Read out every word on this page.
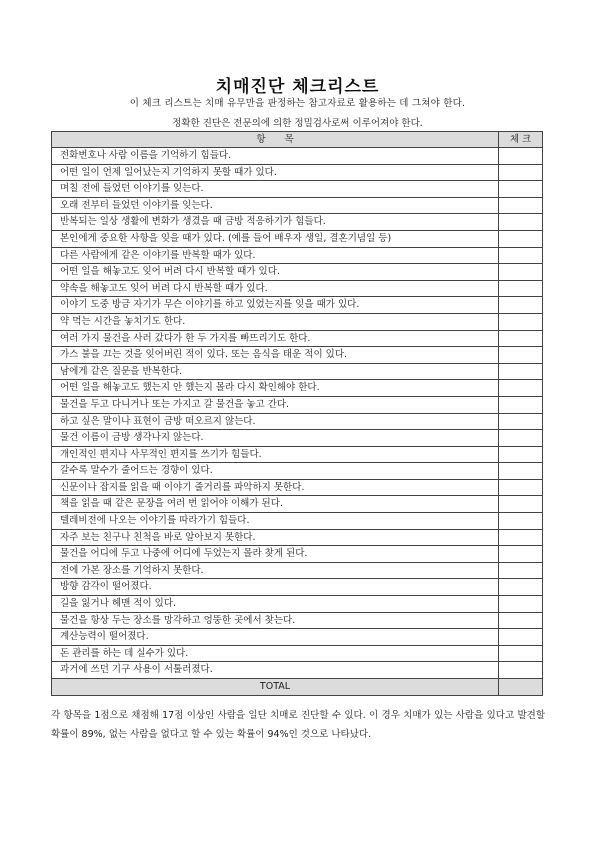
치매진단 체크리스트
이 체크 리스트는 치매 유무만을 판정하는 참고자료로 활용하는 데 그쳐야 한다.
정확한 진단은 전문의에 의한 정밀검사로써 이루어져야 한다.
항　　목	체 크
전화번호나 사람 이름을 기억하기 힘들다.	
어떤 일이 언제 일어났는지 기억하지 못할 때가 있다.	
며칠 전에 들었던 이야기를 잊는다.	
오래 전부터 들었던 이야기를 잊는다.	
반복되는 일상 생활에 변화가 생겼을 때 금방 적응하기가 힘들다.	
본인에게 중요한 사항을 잊을 때가 있다. (예를 들어 배우자 생일, 결혼기념일 등)	
다른 사람에게 같은 이야기를 반복할 때가 있다.	
어떤 일을 해놓고도 잊어 버려 다시 반복할 때가 있다.	
약속을 해놓고도 잊어 버려 다시 반복할 때가 있다.	
이야기 도중 방금 자기가 무슨 이야기를 하고 있었는지를 잊을 때가 있다.	
약 먹는 시간을 놓치기도 한다.	
여러 가지 물건을 사러 갔다가 한 두 가지를 빠뜨리기도 한다.	
가스 불을 끄는 것을 잊어버린 적이 있다. 또는 음식을 태운 적이 있다.	
남에게 같은 질문을 반복한다.	
어떤 일을 해놓고도 했는지 안 했는지 몰라 다시 확인해야 한다.	
물건을 두고 다니거나 또는 가지고 갈 물건을 놓고 간다.	
하고 싶은 말이나 표현이 금방 떠오르지 않는다.	
물건 이름이 금방 생각나지 않는다.	
개인적인 편지나 사무적인 편지를 쓰기가 힘들다.	
갈수록 말수가 줄어드는 경향이 있다.	
신문이나 잡지를 읽을 때 이야기 줄거리를 파악하지 못한다.	
책을 읽을 때 같은 문장을 여러 번 읽어야 이해가 된다.	
텔레비전에 나오는 이야기를 따라가기 힘들다.	
자주 보는 친구나 친척을 바로 알아보지 못한다.	
물건을 어디에 두고 나중에 어디에 두었는지 몰라 찾게 된다.	
전에 가본 장소를 기억하지 못한다.	
방향 감각이 떨어졌다.	
길을 잃거나 헤맨 적이 있다.	
물건을 항상 두는 장소를 망각하고 엉뚱한 곳에서 찾는다.	
계산능력이 떨어졌다.	
돈 관리를 하는 데 실수가 있다.	
과거에 쓰던 기구 사용이 서툴러졌다.	
TOTAL	
각 항목을 1점으로 채점해 17점 이상인 사람을 일단 치매로 진단할 수 있다. 이 경우 치매가 있는 사람을 있다고 발견할 확률이 89%, 없는 사람을 없다고 할 수 있는 확률이 94%인 것으로 나타났다.
